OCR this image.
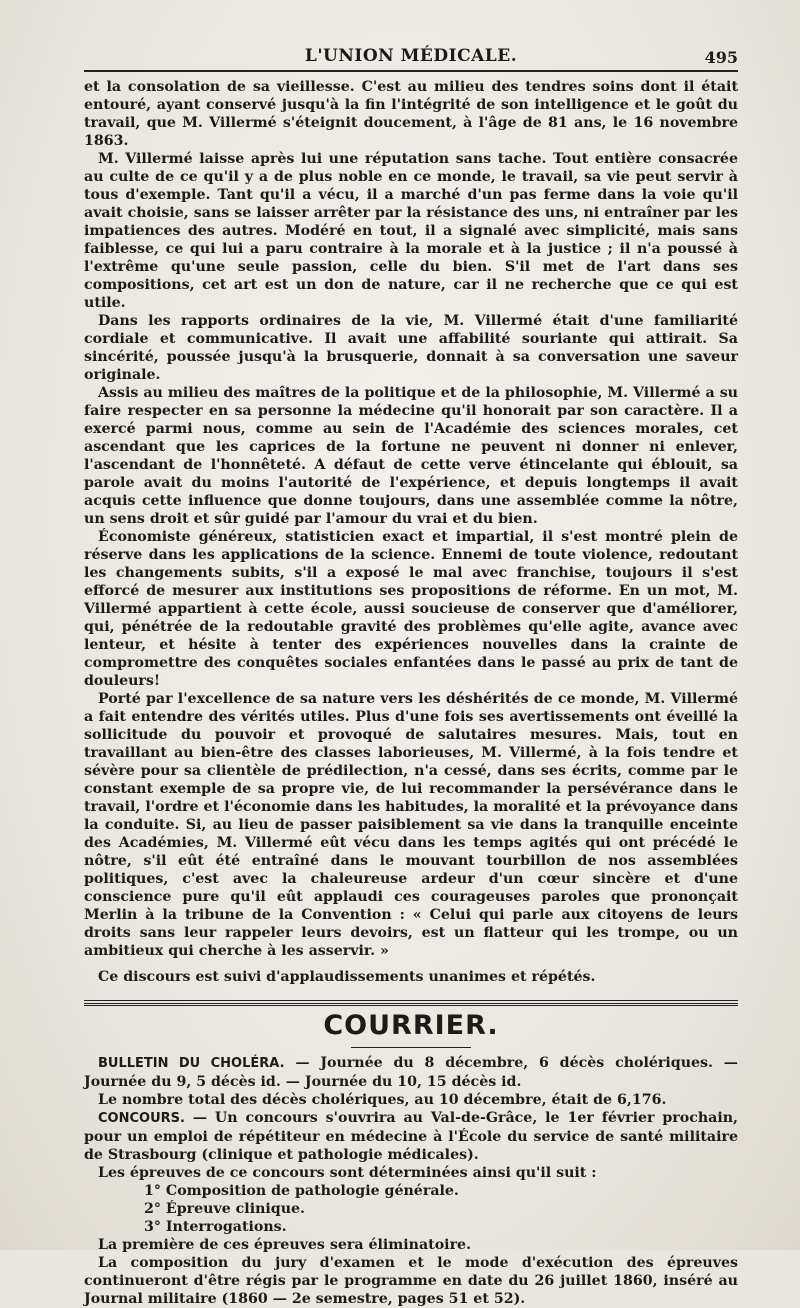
L'UNION MÉDICALE.	495

et la consolation de sa vieillesse. C'est au milieu des tendres soins dont il était entouré, ayant conservé jusqu'à la fin l'intégrité de son intelligence et le goût du travail, que M. Villermé s'éteignit doucement, à l'âge de 81 ans, le 16 novembre 1863.

M. Villermé laisse après lui une réputation sans tache. Tout entière consacrée au culte de ce qu'il y a de plus noble en ce monde, le travail, sa vie peut servir à tous d'exemple. Tant qu'il a vécu, il a marché d'un pas ferme dans la voie qu'il avait choisie, sans se laisser arrêter par la résistance des uns, ni entraîner par les impatiences des autres. Modéré en tout, il a signalé avec simplicité, mais sans faiblesse, ce qui lui a paru contraire à la morale et à la justice ; il n'a poussé à l'extrême qu'une seule passion, celle du bien. S'il met de l'art dans ses compositions, cet art est un don de nature, car il ne recherche que ce qui est utile.

Dans les rapports ordinaires de la vie, M. Villermé était d'une familiarité cordiale et communicative. Il avait une affabilité souriante qui attirait. Sa sincérité, poussée jusqu'à la brusquerie, donnait à sa conversation une saveur originale.

Assis au milieu des maîtres de la politique et de la philosophie, M. Villermé a su faire respecter en sa personne la médecine qu'il honorait par son caractère. Il a exercé parmi nous, comme au sein de l'Académie des sciences morales, cet ascendant que les caprices de la fortune ne peuvent ni donner ni enlever, l'ascendant de l'honnêteté. A défaut de cette verve étincelante qui éblouit, sa parole avait du moins l'autorité de l'expérience, et depuis longtemps il avait acquis cette influence que donne toujours, dans une assemblée comme la nôtre, un sens droit et sûr guidé par l'amour du vrai et du bien.

Économiste généreux, statisticien exact et impartial, il s'est montré plein de réserve dans les applications de la science. Ennemi de toute violence, redoutant les changements subits, s'il a exposé le mal avec franchise, toujours il s'est efforcé de mesurer aux institutions ses propositions de réforme. En un mot, M. Villermé appartient à cette école, aussi soucieuse de conserver que d'améliorer, qui, pénétrée de la redoutable gravité des problèmes qu'elle agite, avance avec lenteur, et hésite à tenter des expériences nouvelles dans la crainte de compromettre des conquêtes sociales enfantées dans le passé au prix de tant de douleurs!

Porté par l'excellence de sa nature vers les déshérités de ce monde, M. Villermé a fait entendre des vérités utiles. Plus d'une fois ses avertissements ont éveillé la sollicitude du pouvoir et provoqué de salutaires mesures. Mais, tout en travaillant au bien-être des classes laborieuses, M. Villermé, à la fois tendre et sévère pour sa clientèle de prédilection, n'a cessé, dans ses écrits, comme par le constant exemple de sa propre vie, de lui recommander la persévérance dans le travail, l'ordre et l'économie dans les habitudes, la moralité et la prévoyance dans la conduite. Si, au lieu de passer paisiblement sa vie dans la tranquille enceinte des Académies, M. Villermé eût vécu dans les temps agités qui ont précédé le nôtre, s'il eût été entraîné dans le mouvant tourbillon de nos assemblées politiques, c'est avec la chaleureuse ardeur d'un cœur sincère et d'une conscience pure qu'il eût applaudi ces courageuses paroles que prononçait Merlin à la tribune de la Convention : « Celui qui parle aux citoyens de leurs droits sans leur rappeler leurs devoirs, est un flatteur qui les trompe, ou un ambitieux qui cherche à les asservir. »

Ce discours est suivi d'applaudissements unanimes et répétés.

COURRIER.

BULLETIN DU CHOLÉRA. — Journée du 8 décembre, 6 décès cholériques. — Journée du 9, 5 décès id. — Journée du 10, 15 décès id.

Le nombre total des décès cholériques, au 10 décembre, était de 6,176.

CONCOURS. — Un concours s'ouvrira au Val-de-Grâce, le 1er février prochain, pour un emploi de répétiteur en médecine à l'École du service de santé militaire de Strasbourg (clinique et pathologie médicales).

Les épreuves de ce concours sont déterminées ainsi qu'il suit :

1° Composition de pathologie générale.
2° Épreuve clinique.
3° Interrogations.

La première de ces épreuves sera éliminatoire.

La composition du jury d'examen et le mode d'exécution des épreuves continueront d'être régis par le programme en date du 26 juillet 1860, inséré au Journal militaire (1860 — 2e semestre, pages 51 et 52).
